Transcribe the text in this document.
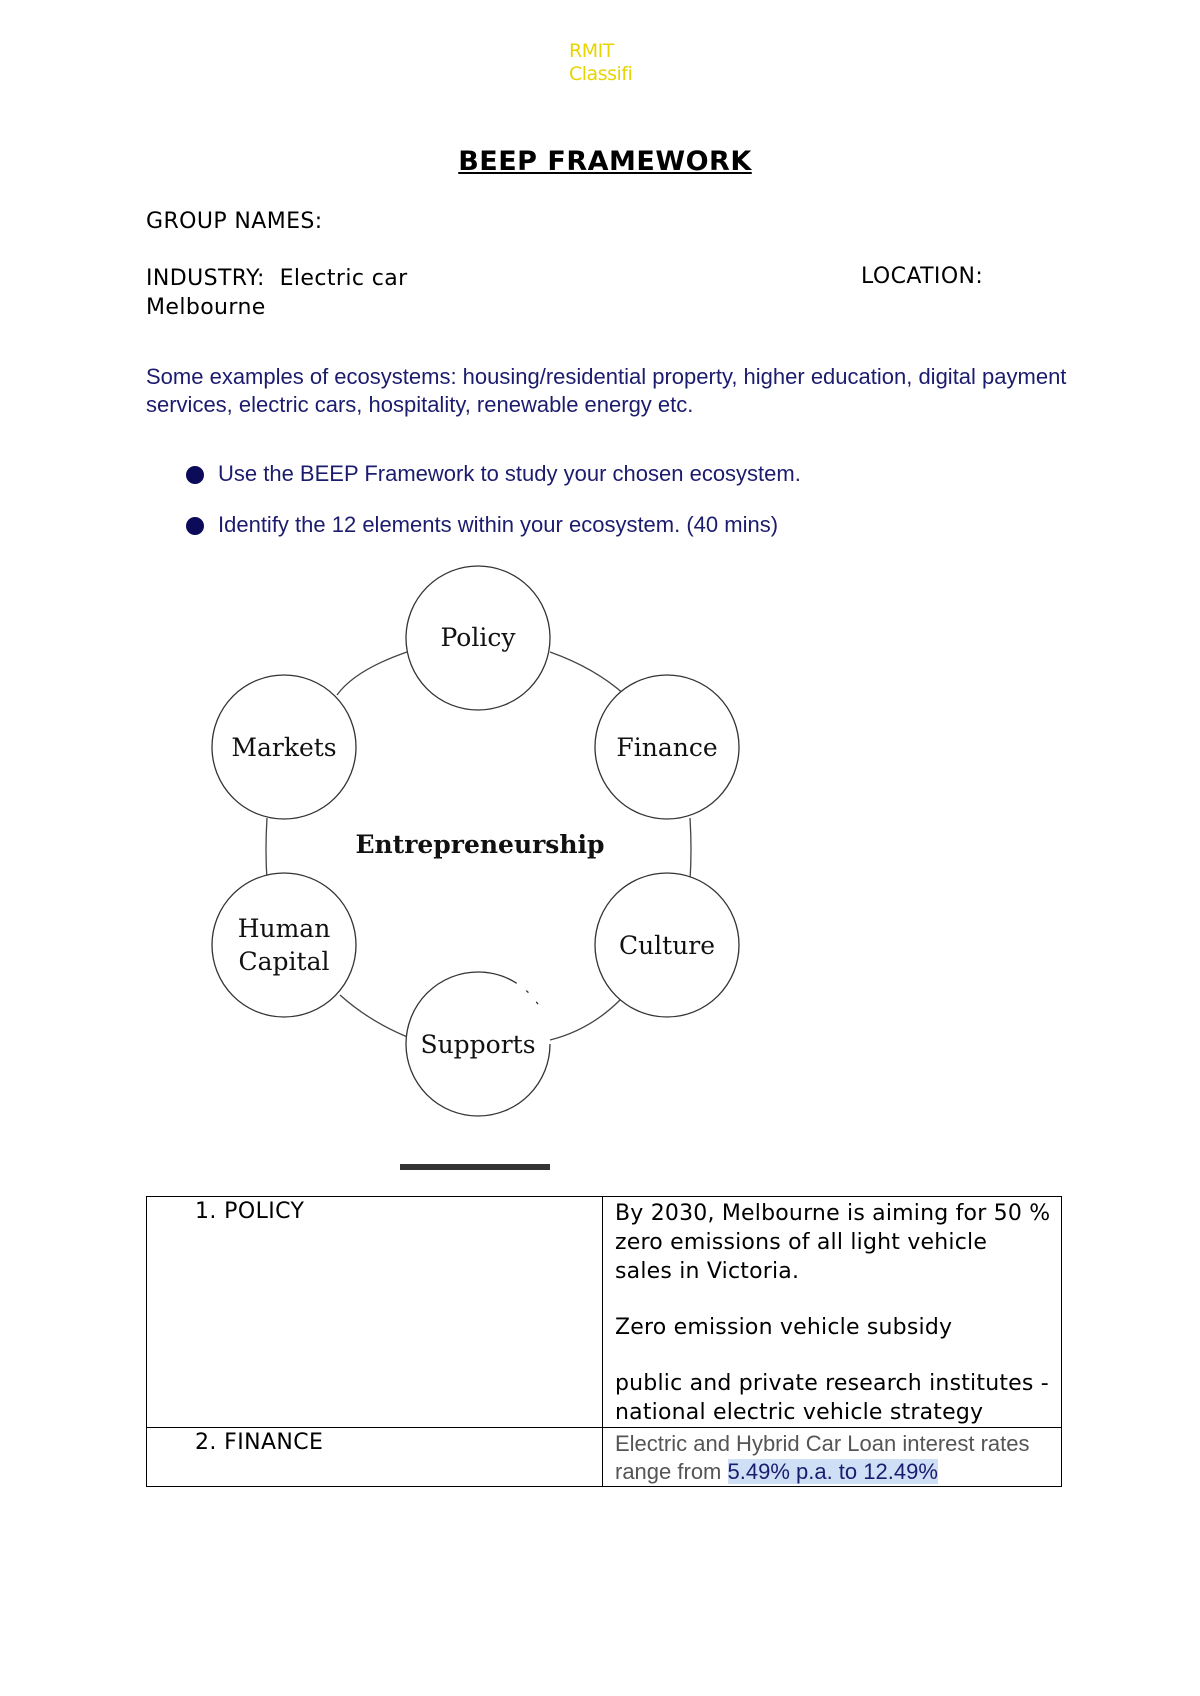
RMIT
Classifi
BEEP FRAMEWORK
GROUP NAMES:
INDUSTRY: Electric car	LOCATION:
Melbourne
Some examples of ecosystems: housing/residential property, higher education, digital payment services, electric cars, hospitality, renewable energy etc.
Use the BEEP Framework to study your chosen ecosystem.
Identify the 12 elements within your ecosystem. (40 mins)
Policy
Finance
Culture
Supports
Human
Capital
Markets
Entrepreneurship
1. POLICY	By 2030, Melbourne is aiming for 50 % zero emissions of all light vehicle sales in Victoria.

Zero emission vehicle subsidy

public and private research institutes - national electric vehicle strategy

2. FINANCE	Electric and Hybrid Car Loan interest rates range from 5.49% p.a. to 12.49%
